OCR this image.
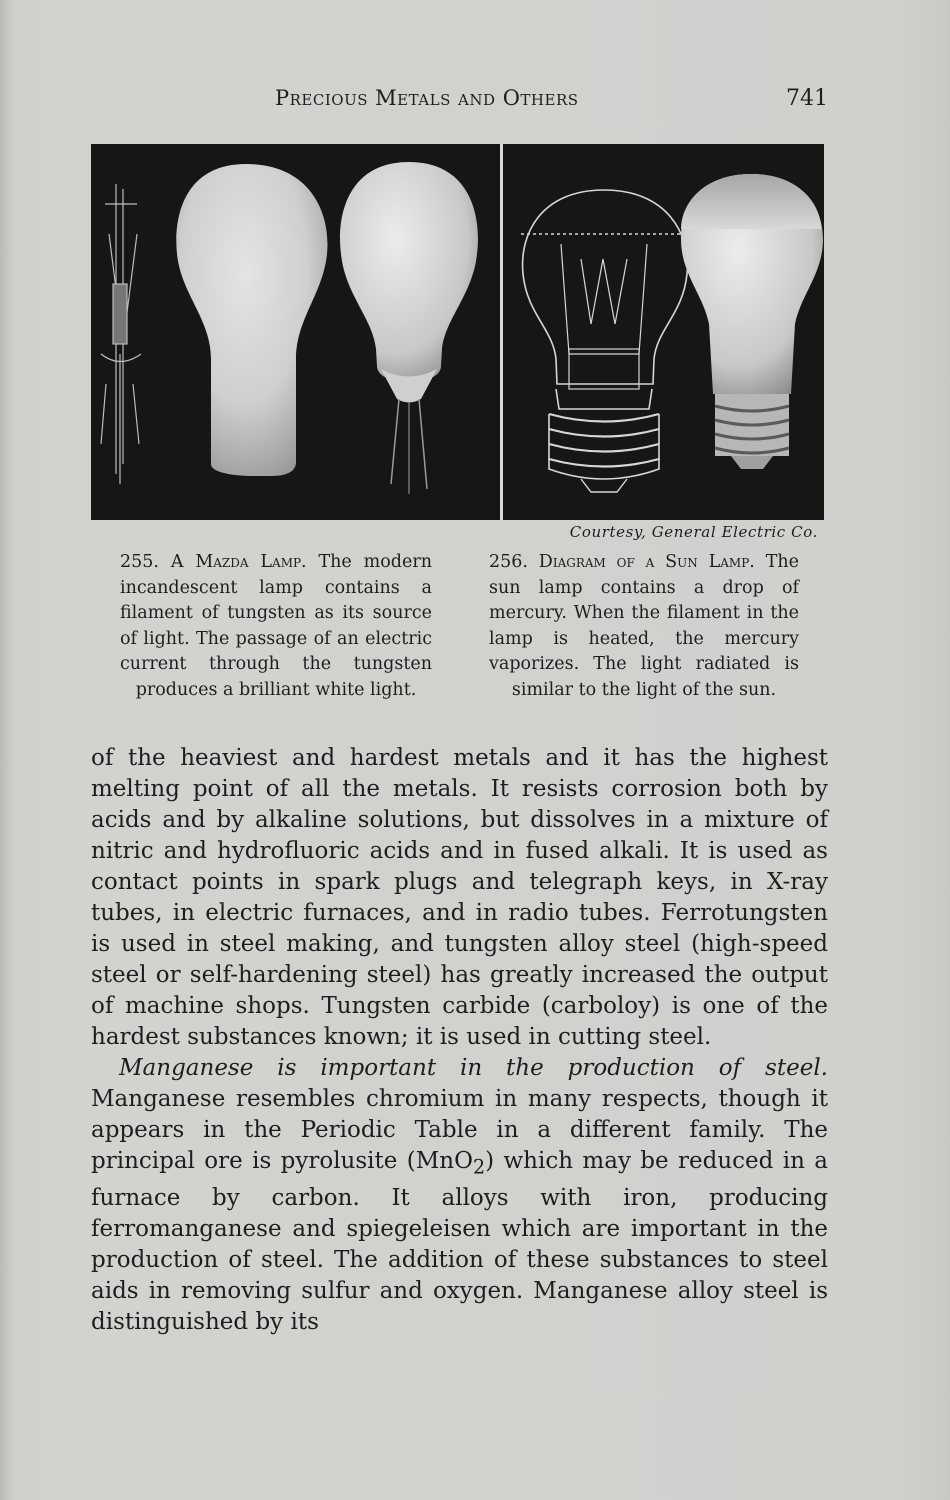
Precious Metals and Others	741
Courtesy, General Electric Co.
255. A Mazda Lamp. The modern incandescent lamp contains a filament of tungsten as its source of light. The passage of an electric current through the tungsten produces a brilliant white light.
256. Diagram of a Sun Lamp. The sun lamp contains a drop of mercury. When the filament in the lamp is heated, the mercury vaporizes. The light radiated is similar to the light of the sun.

of the heaviest and hardest metals and it has the highest melting point of all the metals. It resists corrosion both by acids and by alkaline solutions, but dissolves in a mixture of nitric and hydrofluoric acids and in fused alkali. It is used as contact points in spark plugs and telegraph keys, in X-ray tubes, in electric furnaces, and in radio tubes. Ferrotungsten is used in steel making, and tungsten alloy steel (high-speed steel or self-hardening steel) has greatly increased the output of machine shops. Tungsten carbide (carboloy) is one of the hardest substances known; it is used in cutting steel.

Manganese is important in the production of steel. Manganese resembles chromium in many respects, though it appears in the Periodic Table in a different family. The principal ore is pyrolusite (MnO$_2$) which may be reduced in a furnace by carbon. It alloys with iron, producing ferromanganese and spiegeleisen which are important in the production of steel. The addition of these substances to steel aids in removing sulfur and oxygen. Manganese alloy steel is distinguished by its
